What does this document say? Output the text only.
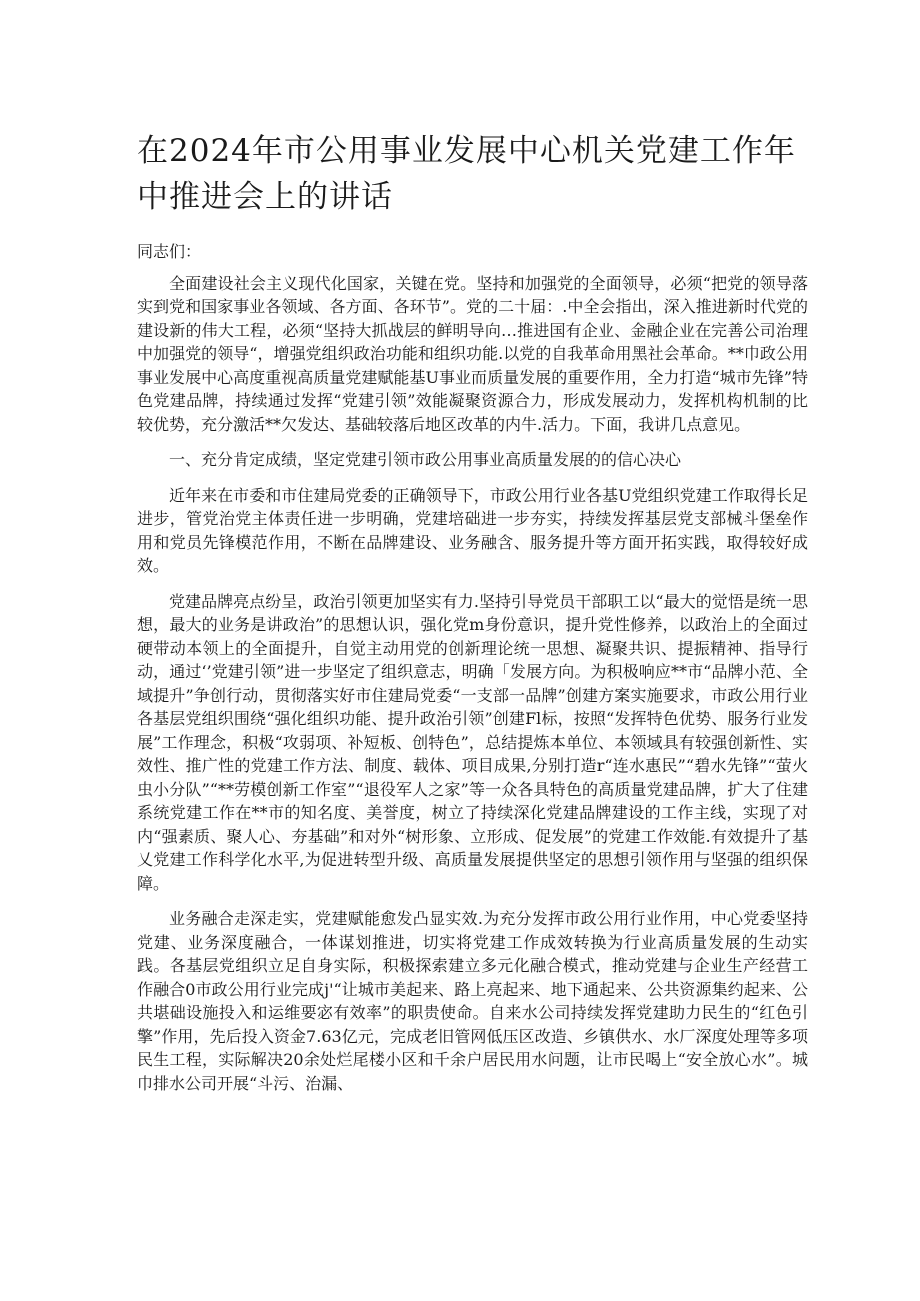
在2024年市公用事业发展中心机关党建工作年中推进会上的讲话

同志们：

全面建设社会主义现代化国家，关键在党。坚持和加强党的全面领导，必须“把党的领导落实到党和国家事业各领域、各方面、各环节”。党的二十届：.中全会指出，深入推进新时代党的建设新的伟大工程，必须“坚持大抓战层的鲜明导向…推进国有企业、金融企业在完善公司治理中加强党的领导“，增强党组织政治功能和组织功能.以党的自我革命用黑社会革命。**巾政公用事业发展中心高度重视高质量党建赋能基U事业而质量发展的重要作用，全力打造“城市先锋”特色党建品牌，持续通过发挥“党建引领”效能凝聚资源合力，形成发展动力，发挥机构机制的比较优势，充分激活**欠发达、基础较落后地区改革的内牛.活力。下面，我讲几点意见。

一、充分肯定成绩，坚定党建引领市政公用事业高质量发展的的信心决心

近年来在市委和市住建局党委的正确领导下，市政公用行业各基U党组织党建工作取得长足进步，管党治党主体责任进一步明确，党建培础进一步夯实，持续发挥基层党支部械斗堡垒作用和党员先锋模范作用，不断在品牌建设、业务融含、服务提升等方面开拓实践，取得较好成效。

党建品牌亮点纷呈，政治引领更加坚实有力.坚持引导党员干部职工以“最大的觉悟是统一思想，最大的业务是讲政治”的思想认识，强化党m身份意识，提升党性修养，以政治上的全面过硬带动本领上的全面提升，自觉主动用党的创新理论统一思想、凝聚共识、提振精神、指导行动，通过‘’党建引领”进一步坚定了组织意志，明确「发展方向。为积极响应**市“品牌小范、全域提升”争创行动，贯彻落实好市住建局党委“一支部一品牌”创建方案实施要求，市政公用行业各基层党组织围绕“强化组织功能、提升政治引领”创建Fl标，按照“发挥特色优势、服务行业发展”工作理念，积极“攻弱项、补短板、创特色”，总结提炼本单位、本领域具有较强创新性、实效性、推广性的党建工作方法、制度、载体、项目成果,分别打造r“连水惠民”“碧水先锋”“萤火虫小分队”“**劳模创新工作室”“退役军人之家”等一众各具特色的高质量党建品牌，扩大了住建系统党建工作在**市的知名度、美誉度，树立了持续深化党建品牌建设的工作主线，实现了对内“强素质、聚人心、夯基础”和对外“树形象、立形成、促发展”的党建工作效能.有效提升了基乂党建工作科学化水平,为促进转型升级、高质量发展提供坚定的思想引领作用与坚强的组织保障。

业务融合走深走实，党建赋能愈发凸显实效.为充分发挥市政公用行业作用，中心党委坚持党建、业务深度融合，一体谋划推进，切实将党建工作成效转换为行业高质量发展的生动实践。各基层党组织立足自身实际，积极探索建立多元化融合模式，推动党建与企业生产经营工作融合0市政公用行业完成j'“让城市美起来、路上亮起来、地下通起来、公共资源集约起来、公共堪础设施投入和运维要宓有效率”的职贵使命。自来水公司持续发挥党建助力民生的“红色引擎”作用，先后投入资金7.63亿元，完成老旧管网低压区改造、乡镇供水、水厂深度处理等多项民生工程，实际解决20余处烂尾楼小区和千余户居民用水问题，让市民喝上“安全放心水”。城巾排水公司开展“斗污、治漏、
